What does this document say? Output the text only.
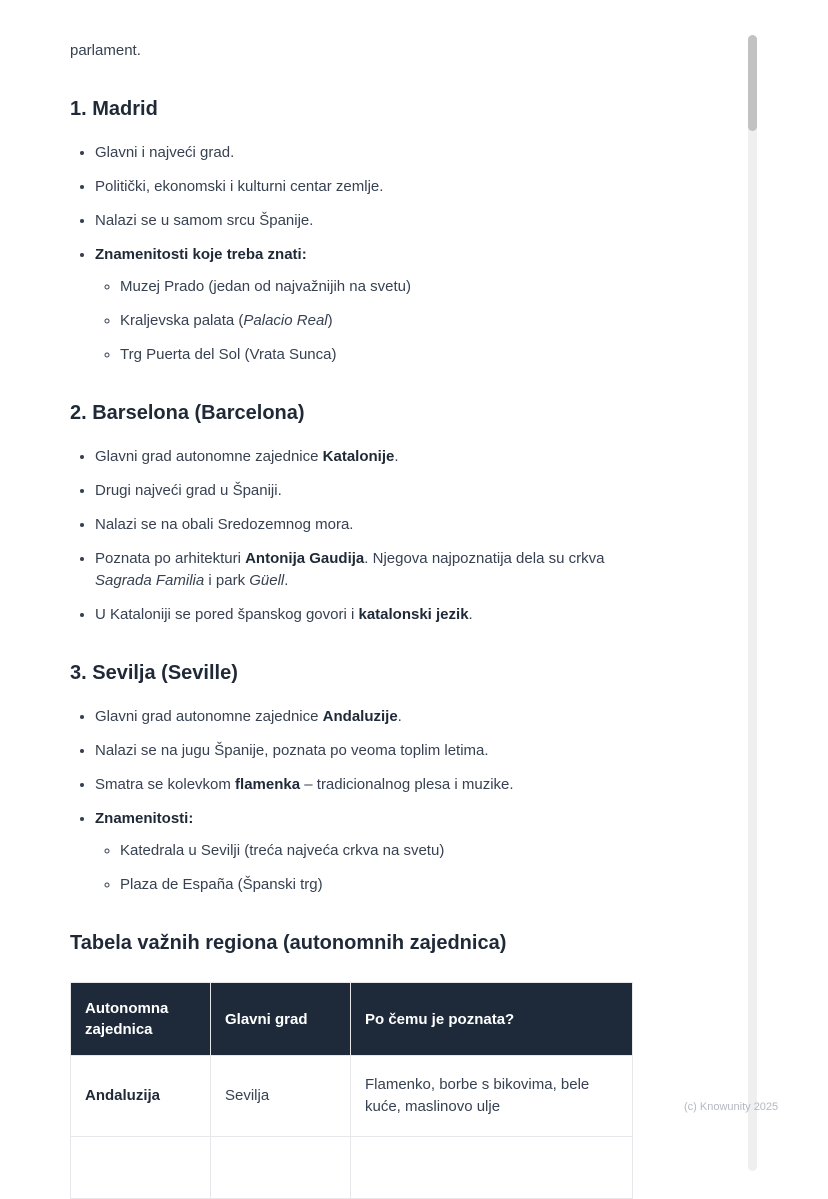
parlament.

1. Madrid
• Glavni i najveći grad.
• Politički, ekonomski i kulturni centar zemlje.
• Nalazi se u samom srcu Španije.
• Znamenitosti koje treba znati:
◦ Muzej Prado (jedan od najvažnijih na svetu)
◦ Kraljevska palata (Palacio Real)
◦ Trg Puerta del Sol (Vrata Sunca)
2. Barselona (Barcelona)
• Glavni grad autonomne zajednice Katalonije.
• Drugi najveći grad u Španiji.
• Nalazi se na obali Sredozemnog mora.
• Poznata po arhitekturi Antonija Gaudija. Njegova najpoznatija dela su crkva Sagrada Familia i park Güell.
• U Kataloniji se pored španskog govori i katalonski jezik.
3. Sevilja (Seville)
• Glavni grad autonomne zajednice Andaluzije.
• Nalazi se na jugu Španije, poznata po veoma toplim letima.
• Smatra se kolevkom flamenka – tradicionalnog plesa i muzike.
• Znamenitosti:
◦ Katedrala u Sevilji (treća najveća crkva na svetu)
◦ Plaza de España (Španski trg)
Tabela važnih regiona (autonomnih zajednica)
Autonomna zajednica	Glavni grad	Po čemu je poznata?
Andaluzija	Sevilja	Flamenko, borbe s bikovima, bele kuće, maslinovo ulje
			(c) Knowunity 2025
